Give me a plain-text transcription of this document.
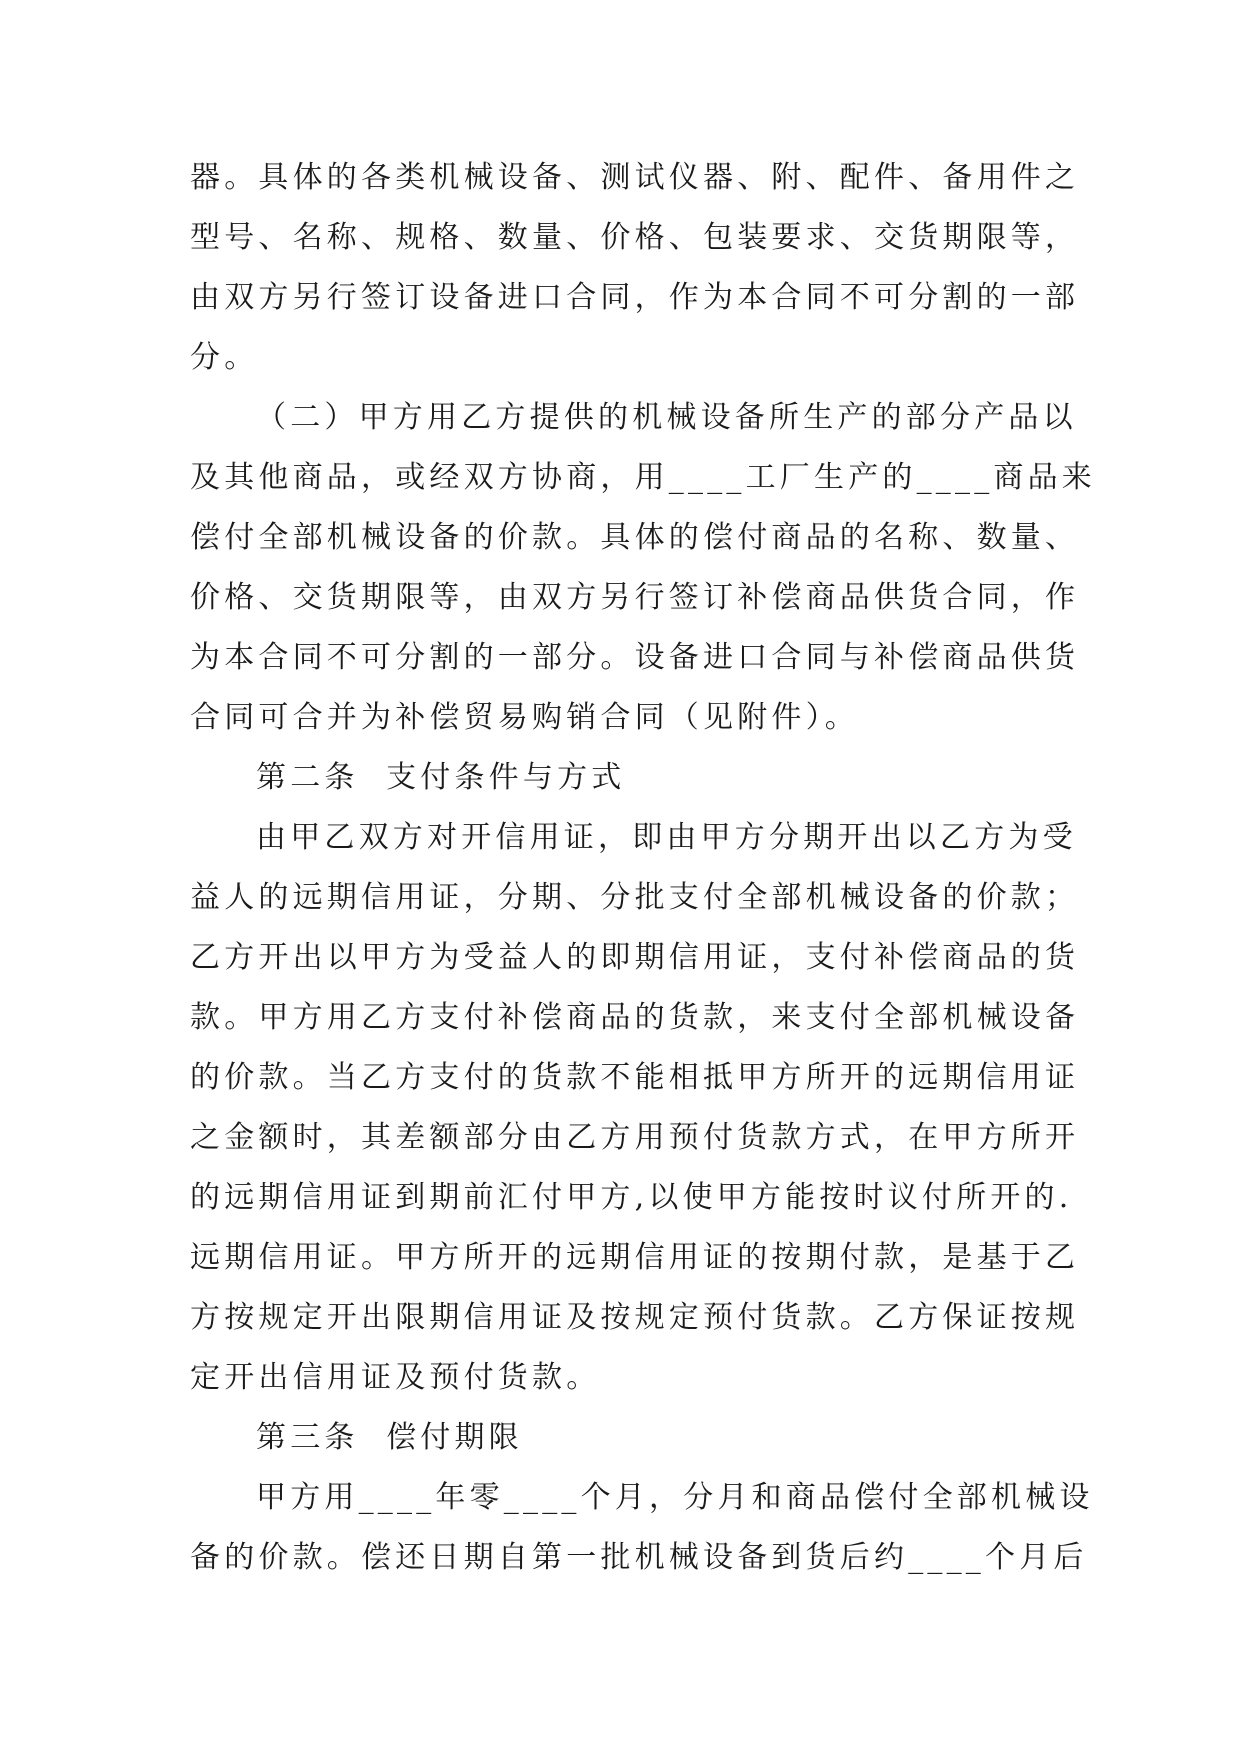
器。具体的各类机械设备、测试仪器、附、配件、备用件之
型号、名称、规格、数量、价格、包装要求、交货期限等，
由双方另行签订设备进口合同，作为本合同不可分割的一部
分。
（二）甲方用乙方提供的机械设备所生产的部分产品以
及其他商品，或经双方协商，用____工厂生产的____商品来
偿付全部机械设备的价款。具体的偿付商品的名称、数量、
价格、交货期限等，由双方另行签订补偿商品供货合同，作
为本合同不可分割的一部分。设备进口合同与补偿商品供货
合同可合并为补偿贸易购销合同（见附件）。
第二条  支付条件与方式
由甲乙双方对开信用证，即由甲方分期开出以乙方为受
益人的远期信用证，分期、分批支付全部机械设备的价款；
乙方开出以甲方为受益人的即期信用证，支付补偿商品的货
款。甲方用乙方支付补偿商品的货款，来支付全部机械设备
的价款。当乙方支付的货款不能相抵甲方所开的远期信用证
之金额时，其差额部分由乙方用预付货款方式，在甲方所开
的远期信用证到期前汇付甲方,以使甲方能按时议付所开的.
远期信用证。甲方所开的远期信用证的按期付款，是基于乙
方按规定开出限期信用证及按规定预付货款。乙方保证按规
定开出信用证及预付货款。
第三条  偿付期限
甲方用____年零____个月，分月和商品偿付全部机械设
备的价款。偿还日期自第一批机械设备到货后约____个月后
